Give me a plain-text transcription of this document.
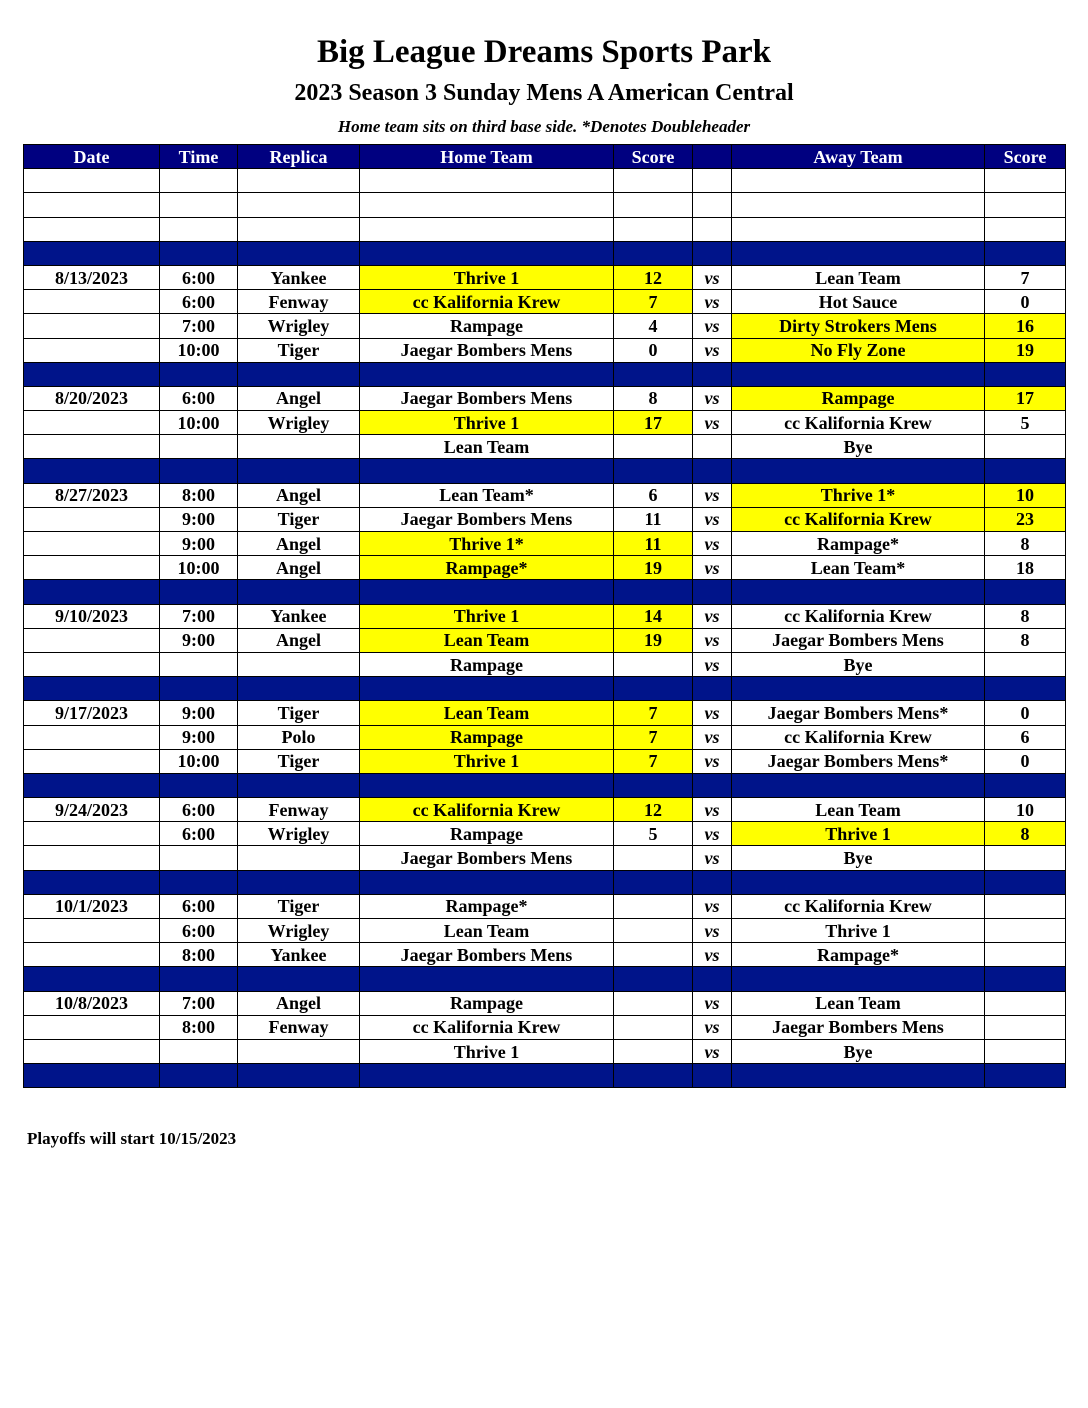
Big League Dreams Sports Park
2023 Season 3 Sunday Mens A American Central
Home team sits on third base side. *Denotes Doubleheader
Date	Time	Replica	Home Team	Score		Away Team	Score

8/13/2023	6:00	Yankee	Thrive 1	12	vs	Lean Team	7
	6:00	Fenway	cc Kalifornia Krew	7	vs	Hot Sauce	0
	7:00	Wrigley	Rampage	4	vs	Dirty Strokers Mens	16
	10:00	Tiger	Jaegar Bombers Mens	0	vs	No Fly Zone	19

8/20/2023	6:00	Angel	Jaegar Bombers Mens	8	vs	Rampage	17
	10:00	Wrigley	Thrive 1	17	vs	cc Kalifornia Krew	5
			Lean Team			Bye	

8/27/2023	8:00	Angel	Lean Team*	6	vs	Thrive 1*	10
	9:00	Tiger	Jaegar Bombers Mens	11	vs	cc Kalifornia Krew	23
	9:00	Angel	Thrive 1*	11	vs	Rampage*	8
	10:00	Angel	Rampage*	19	vs	Lean Team*	18

9/10/2023	7:00	Yankee	Thrive 1	14	vs	cc Kalifornia Krew	8
	9:00	Angel	Lean Team	19	vs	Jaegar Bombers Mens	8
			Rampage		vs	Bye	

9/17/2023	9:00	Tiger	Lean Team	7	vs	Jaegar Bombers Mens*	0
	9:00	Polo	Rampage	7	vs	cc Kalifornia Krew	6
	10:00	Tiger	Thrive 1	7	vs	Jaegar Bombers Mens*	0

9/24/2023	6:00	Fenway	cc Kalifornia Krew	12	vs	Lean Team	10
	6:00	Wrigley	Rampage	5	vs	Thrive 1	8
			Jaegar Bombers Mens		vs	Bye	

10/1/2023	6:00	Tiger	Rampage*		vs	cc Kalifornia Krew	
	6:00	Wrigley	Lean Team		vs	Thrive 1	
	8:00	Yankee	Jaegar Bombers Mens		vs	Rampage*	

10/8/2023	7:00	Angel	Rampage		vs	Lean Team	
	8:00	Fenway	cc Kalifornia Krew		vs	Jaegar Bombers Mens	
			Thrive 1		vs	Bye	

Playoffs will start 10/15/2023
